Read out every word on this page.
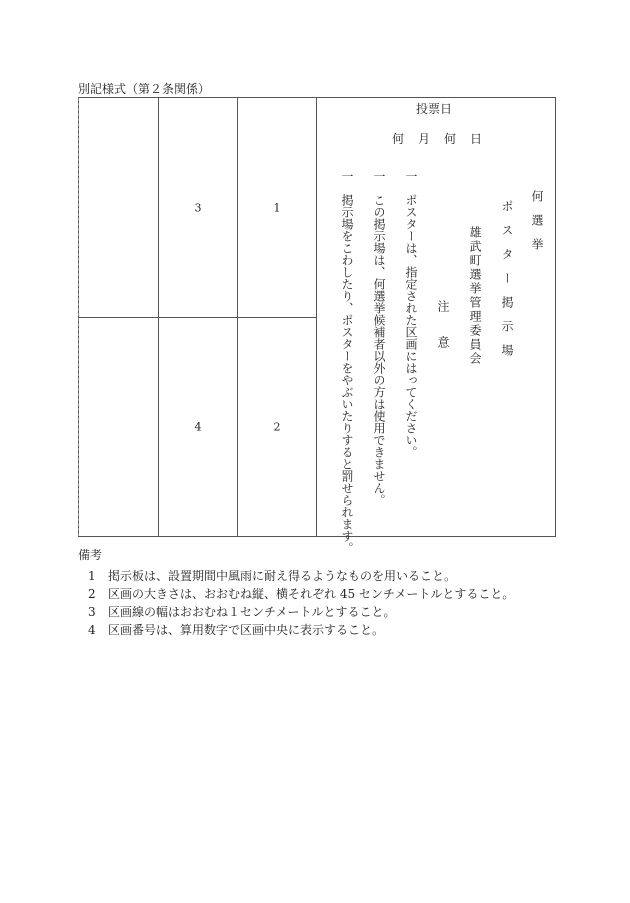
別記様式（第２条関係）
3	1
4	2
投票日
何　月　何　日
何　選　挙
ポ　ス　タ　ー　掲　示　場
雄武町選挙管理委員会
注　　意
一　ポスターは、指定された区画にはってください。
一　この掲示場は、何選挙候補者以外の方は使用できません。
一　掲示場をこわしたり、ポスターをやぶいたりすると罰せられます。
備考
1 掲示板は、設置期間中風雨に耐え得るようなものを用いること。
2 区画の大きさは、おおむね縦、横それぞれ 45 センチメートルとすること。
3 区画線の幅はおおむね１センチメートルとすること。
4 区画番号は、算用数字で区画中央に表示すること。
